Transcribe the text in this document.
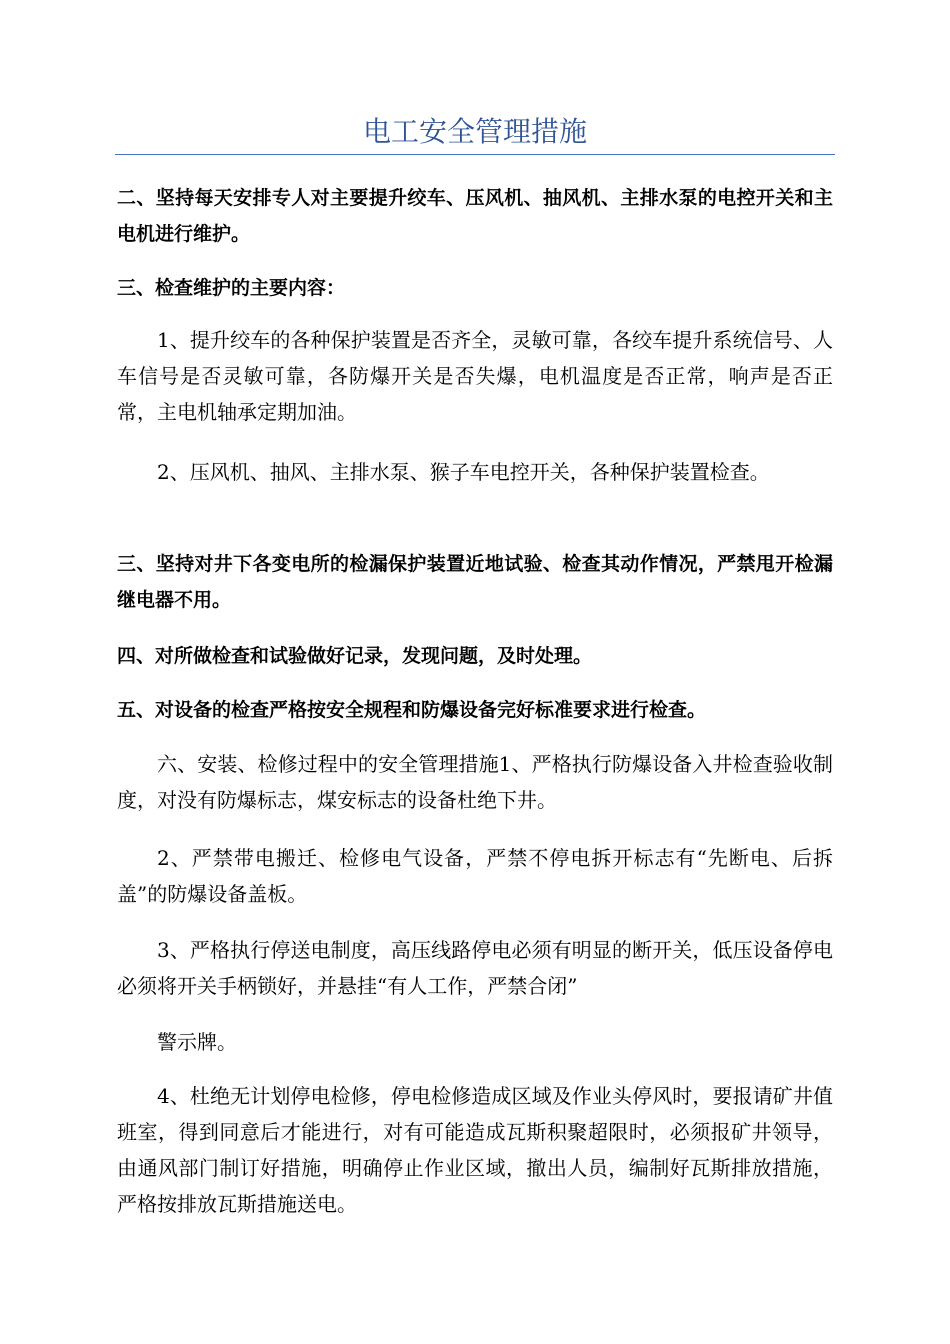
电工安全管理措施

二、坚持每天安排专人对主要提升绞车、压风机、抽风机、主排水泵的电控开关和主电机进行维护。

三、检查维护的主要内容：

1、提升绞车的各种保护装置是否齐全，灵敏可靠，各绞车提升系统信号、人车信号是否灵敏可靠，各防爆开关是否失爆，电机温度是否正常，响声是否正常，主电机轴承定期加油。

2、压风机、抽风、主排水泵、猴子车电控开关，各种保护装置检查。

三、坚持对井下各变电所的检漏保护装置近地试验、检查其动作情况，严禁甩开检漏继电器不用。

四、对所做检查和试验做好记录，发现问题，及时处理。

五、对设备的检查严格按安全规程和防爆设备完好标准要求进行检查。

六、安装、检修过程中的安全管理措施1、严格执行防爆设备入井检查验收制度，对没有防爆标志，煤安标志的设备杜绝下井。

2、严禁带电搬迁、检修电气设备，严禁不停电拆开标志有“先断电、后拆盖”的防爆设备盖板。

3、严格执行停送电制度，高压线路停电必须有明显的断开关，低压设备停电必须将开关手柄锁好，并悬挂“有人工作，严禁合闭”

警示牌。

4、杜绝无计划停电检修，停电检修造成区域及作业头停风时，要报请矿井值班室，得到同意后才能进行，对有可能造成瓦斯积聚超限时，必须报矿井领导，由通风部门制订好措施，明确停止作业区域，撤出人员，编制好瓦斯排放措施，严格按排放瓦斯措施送电。
